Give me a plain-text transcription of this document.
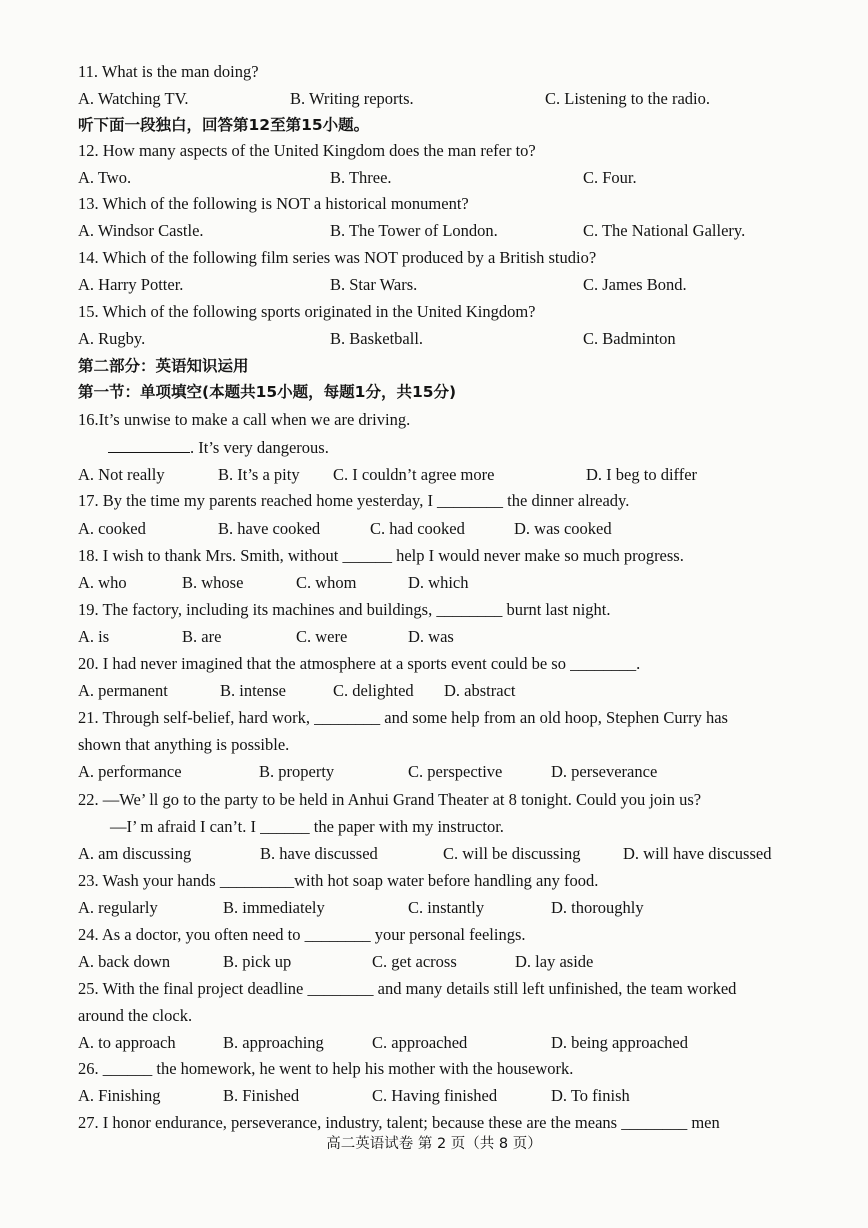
11. What is the man doing?
A. Watching TV.	B. Writing reports.	C. Listening to the radio.
听下面一段独白，回答第12至第15小题。
12. How many aspects of the United Kingdom does the man refer to?
A. Two.	B. Three.	C. Four.
13. Which of the following is NOT a historical monument?
A. Windsor Castle.	B. The Tower of London.	C. The National Gallery.
14. Which of the following film series was NOT produced by a British studio?
A. Harry Potter.	B. Star Wars.	C. James Bond.
15. Which of the following sports originated in the United Kingdom?
A. Rugby.	B. Basketball.	C. Badminton
第二部分：英语知识运用
第一节：单项填空(本题共15小题，每题1分，共15分)
16.It’s unwise to make a call when we are driving.
. It’s very dangerous.
A. Not really	B. It’s a pity C. I couldn’t agree more	D. I beg to differ
17. By the time my parents reached home yesterday, I ________ the dinner already.
A. cooked	B. have cooked	C. had cooked	D. was cooked
18. I wish to thank Mrs. Smith, without ______ help I would never make so much progress.
A. who	B. whose	C. whom	D. which
19. The factory, including its machines and buildings, ________ burnt last night.
A. is	B. are	C. were	D. was
20. I had never imagined that the atmosphere at a sports event could be so ________.
A. permanent	B. intense	C. delighted D. abstract
21. Through self-belief, hard work, ________ and some help from an old hoop, Stephen Curry has
shown that anything is possible.
A. performance	B. property	C. perspective	D. perseverance
22. —We’ ll go to the party to be held in Anhui Grand Theater at 8 tonight. Could you join us?
—I’ m afraid I can’t. I ______ the paper with my instructor.
A. am discussing	B. have discussed	C. will be discussing	D. will have discussed
23. Wash your hands _________with hot soap water before handling any food.
A. regularly	B. immediately	C. instantly	D. thoroughly
24. As a doctor, you often need to ________ your personal feelings.
A. back down	B. pick up	C. get across	D. lay aside
25. With the final project deadline ________ and many details still left unfinished, the team worked
around the clock.
A. to approach	B. approaching	C. approached	D. being approached
26. ______ the homework, he went to help his mother with the housework.
A. Finishing	B. Finished	C. Having finished	D. To finish
27. I honor endurance, perseverance, industry, talent; because these are the means ________ men
高二英语试卷 第 2 页（共 8 页）
